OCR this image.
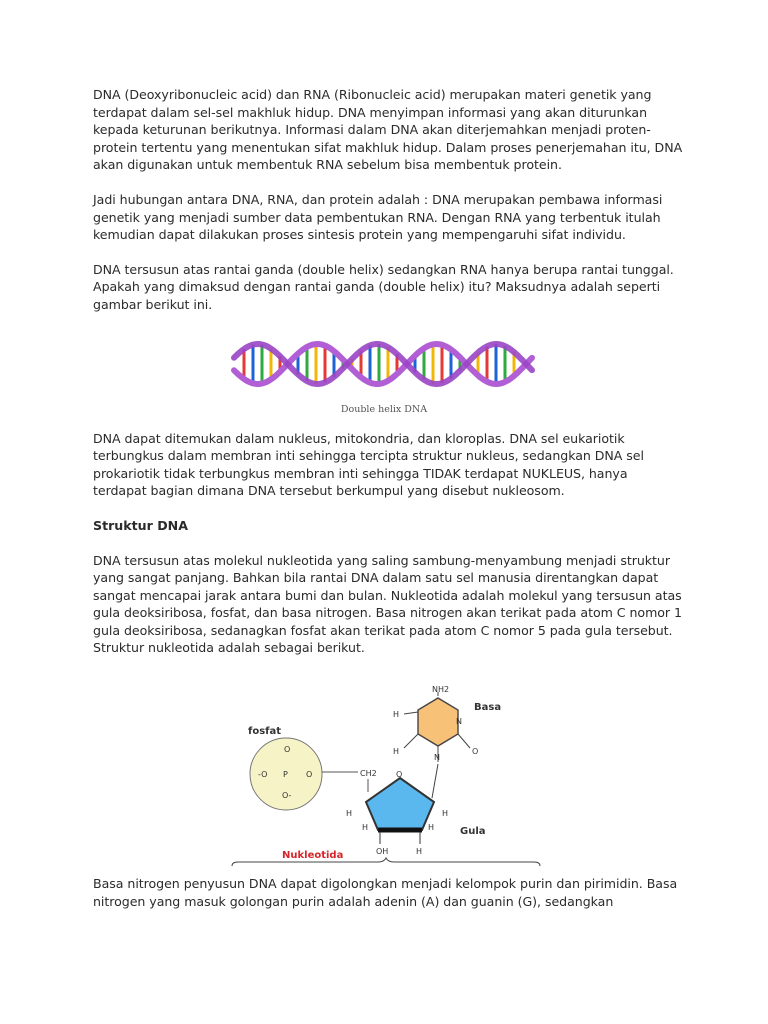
DNA (Deoxyribonucleic acid) dan RNA (Ribonucleic acid) merupakan materi genetik yang terdapat dalam sel-sel makhluk hidup. DNA menyimpan informasi yang akan diturunkan kepada keturunan berikutnya. Informasi dalam DNA akan diterjemahkan menjadi proten-protein tertentu yang menentukan sifat makhluk hidup. Dalam proses penerjemahan itu, DNA akan digunakan untuk membentuk RNA sebelum bisa membentuk protein.

Jadi hubungan antara DNA, RNA, dan protein adalah : DNA merupakan pembawa informasi genetik yang menjadi sumber data pembentukan RNA. Dengan RNA yang terbentuk itulah kemudian dapat dilakukan proses sintesis protein yang mempengaruhi sifat individu.

DNA tersusun atas rantai ganda (double helix) sedangkan RNA hanya berupa rantai tunggal. Apakah yang dimaksud dengan rantai ganda (double helix) itu? Maksudnya adalah seperti gambar berikut ini.

DNA dapat ditemukan dalam nukleus, mitokondria, dan kloroplas. DNA sel eukariotik terbungkus dalam membran inti sehingga tercipta struktur nukleus, sedangkan DNA sel prokariotik tidak terbungkus membran inti sehingga TIDAK terdapat NUKLEUS, hanya terdapat bagian dimana DNA tersebut berkumpul yang disebut nukleosom.

Struktur DNA

DNA tersusun atas molekul nukleotida yang saling sambung-menyambung menjadi struktur yang sangat panjang. Bahkan bila rantai DNA dalam satu sel manusia direntangkan dapat sangat mencapai jarak antara bumi dan bulan. Nukleotida adalah molekul yang tersusun atas gula deoksiribosa, fosfat, dan basa nitrogen. Basa nitrogen akan terikat pada atom C nomor 1 gula deoksiribosa, sedanagkan fosfat akan terikat pada atom C nomor 5 pada gula tersebut. Struktur nukleotida adalah sebagai berikut.

Basa nitrogen penyusun DNA dapat digolongkan menjadi kelompok purin dan pirimidin. Basa nitrogen yang masuk golongan purin adalah adenin (A) dan guanin (G), sedangkan

Double helix DNA
fosfat
O
-O P O
O-
Basa
NH2
H
N
H
N
O
CH2 O
H	H
H	H
OH	H
Gula
Nukleotida
